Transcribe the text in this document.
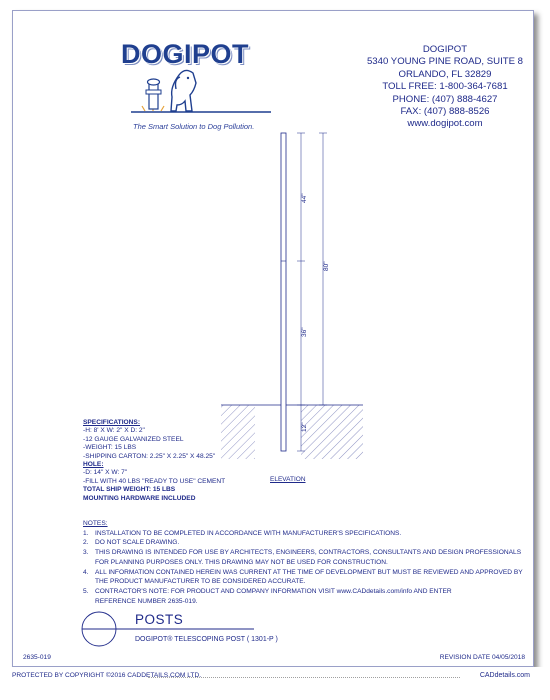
DOGIPOT
The Smart Solution to Dog Pollution.
DOGIPOT
5340 YOUNG PINE ROAD, SUITE 8
ORLANDO, FL 32829
TOLL FREE: 1-800-364-7681
PHONE: (407) 888-4627
FAX: (407) 888-8526
www.dogipot.com
44"
36"
80"
12"
ELEVATION
SPECIFICATIONS:
-H: 8' X W: 2" X D: 2"
-12 GAUGE GALVANIZED STEEL
-WEIGHT: 15 LBS
-SHIPPING CARTON: 2.25" X 2.25" X 48.25"
HOLE:
-D: 14" X W: 7"
-FILL WITH 40 LBS "READY TO USE" CEMENT
TOTAL SHIP WEIGHT: 15 LBS
MOUNTING HARDWARE INCLUDED
NOTES:
1. INSTALLATION TO BE COMPLETED IN ACCORDANCE WITH MANUFACTURER'S SPECIFICATIONS.
2. DO NOT SCALE DRAWING.
3. THIS DRAWING IS INTENDED FOR USE BY ARCHITECTS, ENGINEERS, CONTRACTORS, CONSULTANTS AND DESIGN PROFESSIONALS
FOR PLANNING PURPOSES ONLY. THIS DRAWING MAY NOT BE USED FOR CONSTRUCTION.
4. ALL INFORMATION CONTAINED HEREIN WAS CURRENT AT THE TIME OF DEVELOPMENT BUT MUST BE REVIEWED AND APPROVED BY
THE PRODUCT MANUFACTURER TO BE CONSIDERED ACCURATE.
5. CONTRACTOR'S NOTE: FOR PRODUCT AND COMPANY INFORMATION VISIT www.CADdetails.com/info AND ENTER
REFERENCE NUMBER 2635-019.
POSTS
DOGIPOT® TELESCOPING POST ( 1301-P )
2635-019	REVISION DATE 04/05/2018
PROTECTED BY COPYRIGHT ©2016 CADDETAILS.COM LTD.	CADdetails.com
